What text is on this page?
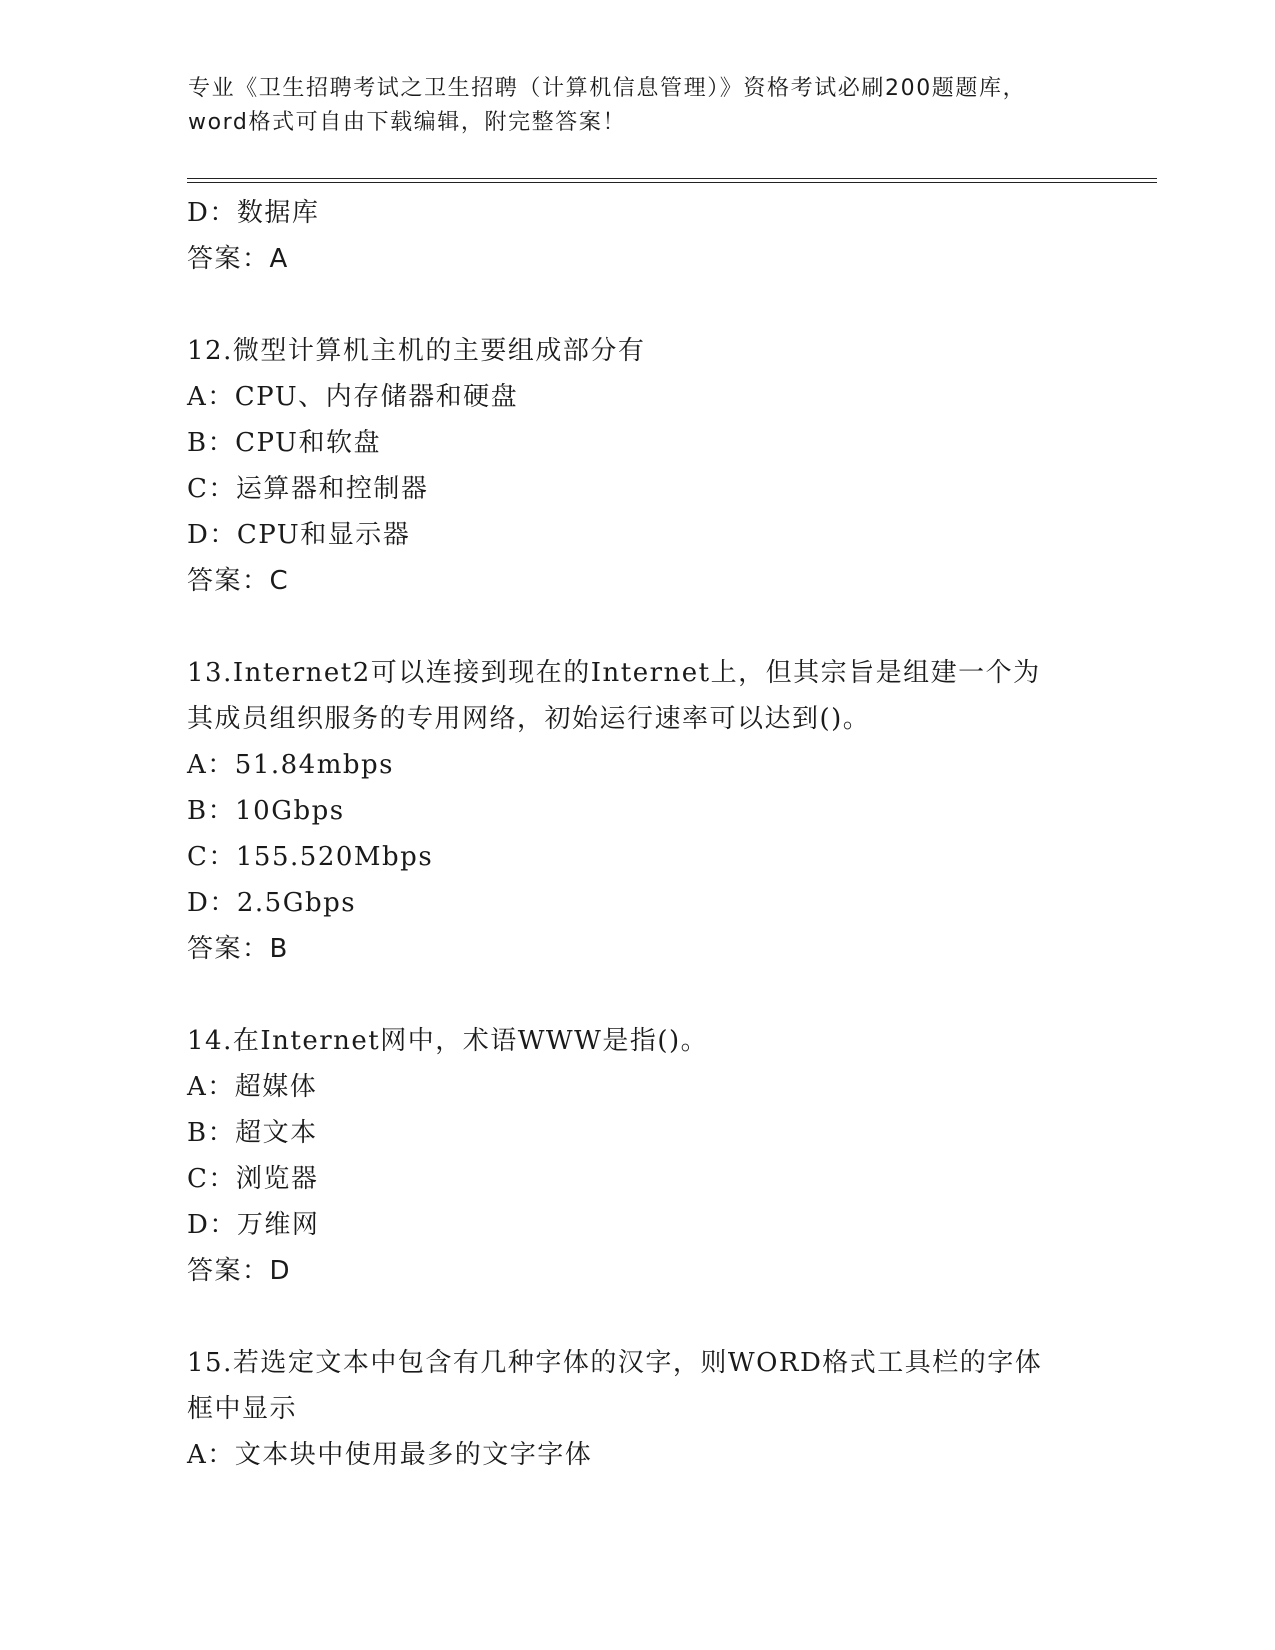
专业《卫生招聘考试之卫生招聘（计算机信息管理）》资格考试必刷200题题库，
word格式可自由下载编辑，附完整答案！
D：数据库
答案：A
12.微型计算机主机的主要组成部分有
A：CPU、内存储器和硬盘
B：CPU和软盘
C：运算器和控制器
D：CPU和显示器
答案：C
13.Internet2可以连接到现在的Internet上，但其宗旨是组建一个为
其成员组织服务的专用网络，初始运行速率可以达到()。
A：51.84mbps
B：10Gbps
C：155.520Mbps
D：2.5Gbps
答案：B
14.在Internet网中，术语WWW是指()。
A：超媒体
B：超文本
C：浏览器
D：万维网
答案：D
15.若选定文本中包含有几种字体的汉字，则WORD格式工具栏的字体
框中显示
A：文本块中使用最多的文字字体
